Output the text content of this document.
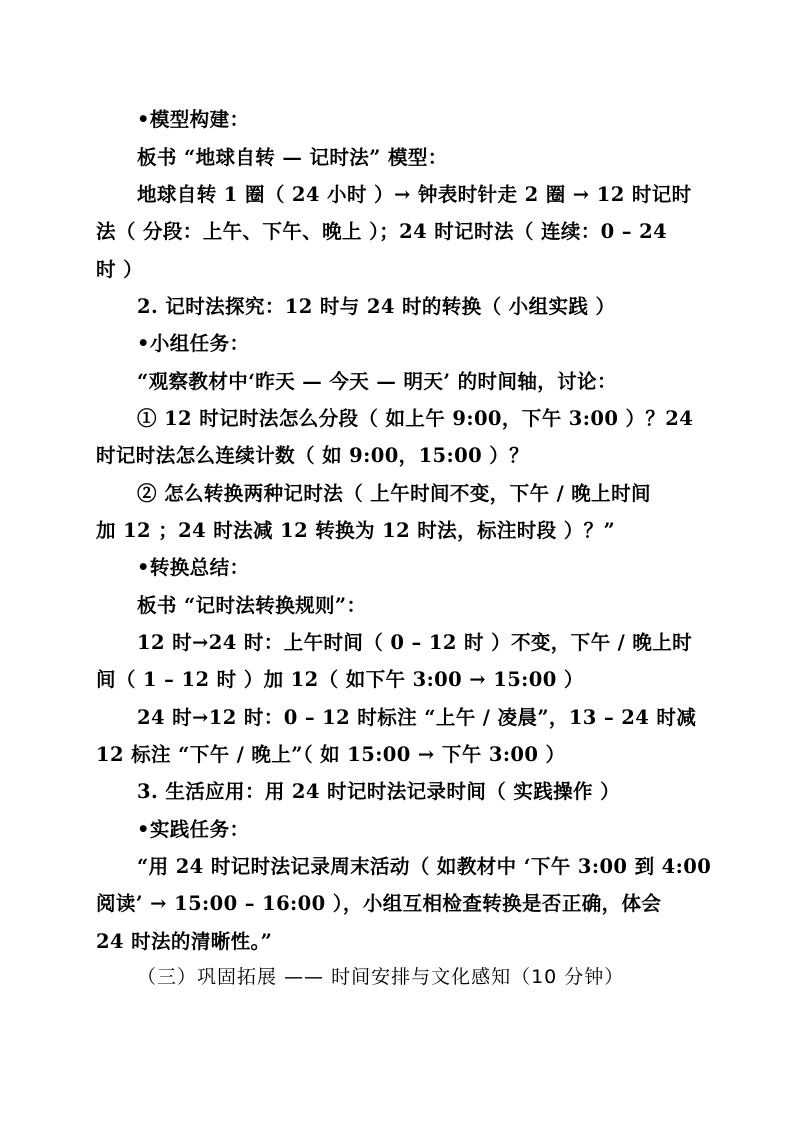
•模型构建：
板书 “地球自转 — 记时法” 模型：
地球自转 1 圈（ 24 小时 ）→ 钟表时针走 2 圈 → 12 时记时
法（ 分段：上午、下午、晚上 ）；24 时记时法（ 连续：0 – 24
时 ）
2. 记时法探究：12 时与 24 时的转换（ 小组实践 ）
•小组任务：
“观察教材中‘昨天 — 今天 — 明天’ 的时间轴，讨论：
① 12 时记时法怎么分段（ 如上午 9:00，下午 3:00 ）？24
时记时法怎么连续计数（ 如 9:00，15:00 ）？
② 怎么转换两种记时法（ 上午时间不变，下午 / 晚上时间
加 12 ；24 时法减 12 转换为 12 时法，标注时段 ）？”
•转换总结：
板书 “记时法转换规则”：
12 时→24 时：上午时间（ 0 – 12 时 ）不变，下午 / 晚上时
间（ 1 – 12 时 ）加 12（ 如下午 3:00 → 15:00 ）
24 时→12 时：0 – 12 时标注 “上午 / 凌晨”，13 – 24 时减
12 标注 “下午 / 晚上”（ 如 15:00 → 下午 3:00 ）
3. 生活应用：用 24 时记时法记录时间（ 实践操作 ）
•实践任务：
“用 24 时记时法记录周末活动（ 如教材中 ‘下午 3:00 到 4:00
阅读’ → 15:00 – 16:00 ），小组互相检查转换是否正确，体会
24 时法的清晰性。”
（三）巩固拓展 —— 时间安排与文化感知（10 分钟）
